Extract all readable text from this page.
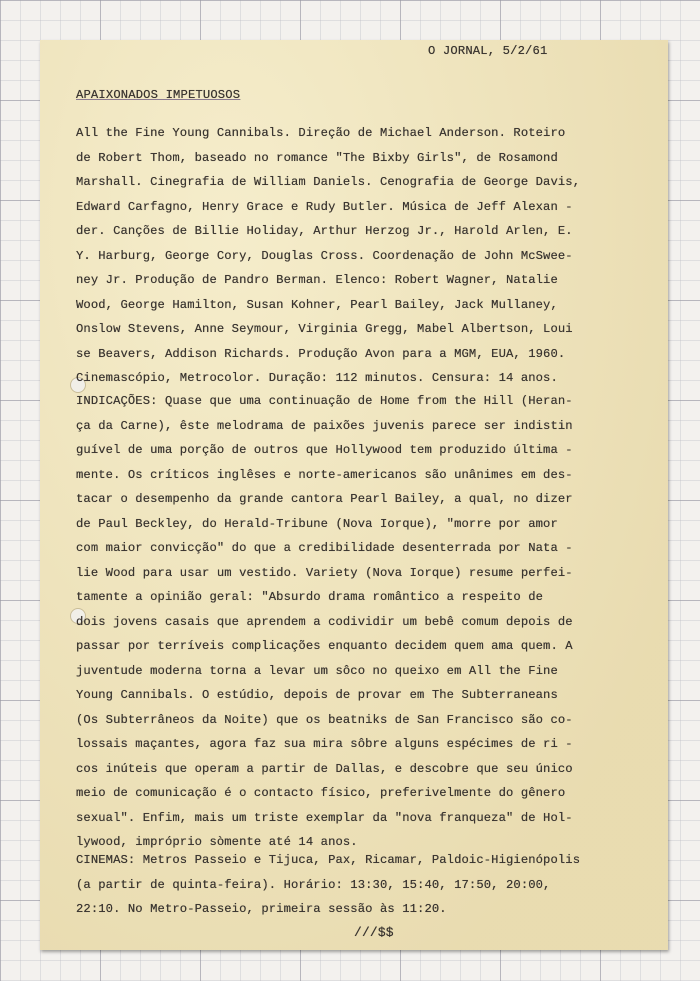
O JORNAL, 5/2/61
APAIXONADOS IMPETUOSOS
All the Fine Young Cannibals. Direção de Michael Anderson. Roteiro
de Robert Thom, baseado no romance "The Bixby Girls", de Rosamond
Marshall. Cinegrafia de William Daniels. Cenografia de George Davis,
Edward Carfagno, Henry Grace e Rudy Butler. Música de Jeff Alexan -
der. Canções de Billie Holiday, Arthur Herzog Jr., Harold Arlen, E.
Y. Harburg, George Cory, Douglas Cross. Coordenação de John McSwee-
ney Jr. Produção de Pandro Berman. Elenco: Robert Wagner, Natalie
Wood, George Hamilton, Susan Kohner, Pearl Bailey, Jack Mullaney,
Onslow Stevens, Anne Seymour, Virginia Gregg, Mabel Albertson, Loui
se Beavers, Addison Richards. Produção Avon para a MGM, EUA, 1960.
Cinemascópio, Metrocolor. Duração: 112 minutos. Censura: 14 anos.
INDICAÇÕES: Quase que uma continuação de Home from the Hill (Heran-
ça da Carne), êste melodrama de paixões juvenis parece ser indistin
guível de uma porção de outros que Hollywood tem produzido última -
mente. Os críticos inglêses e norte-americanos são unânimes em des-
tacar o desempenho da grande cantora Pearl Bailey, a qual, no dizer
de Paul Beckley, do Herald-Tribune (Nova Iorque), "morre por amor
com maior convicção" do que a credibilidade desenterrada por Nata -
lie Wood para usar um vestido. Variety (Nova Iorque) resume perfei-
tamente a opinião geral: "Absurdo drama romântico a respeito de
dois jovens casais que aprendem a codividir um bebê comum depois de
passar por terríveis complicações enquanto decidem quem ama quem. A
juventude moderna torna a levar um sôco no queixo em All the Fine
Young Cannibals. O estúdio, depois de provar em The Subterraneans
(Os Subterrâneos da Noite) que os beatniks de San Francisco são co-
lossais maçantes, agora faz sua mira sôbre alguns espécimes de ri -
cos inúteis que operam a partir de Dallas, e descobre que seu único
meio de comunicação é o contacto físico, preferivelmente do gênero
sexual". Enfim, mais um triste exemplar da "nova franqueza" de Hol-
lywood, impróprio sòmente até 14 anos.
CINEMAS: Metros Passeio e Tijuca, Pax, Ricamar, Paldoic-Higienópolis
(a partir de quinta-feira). Horário: 13:30, 15:40, 17:50, 20:00,
22:10. No Metro-Passeio, primeira sessão às 11:20.
///$$
